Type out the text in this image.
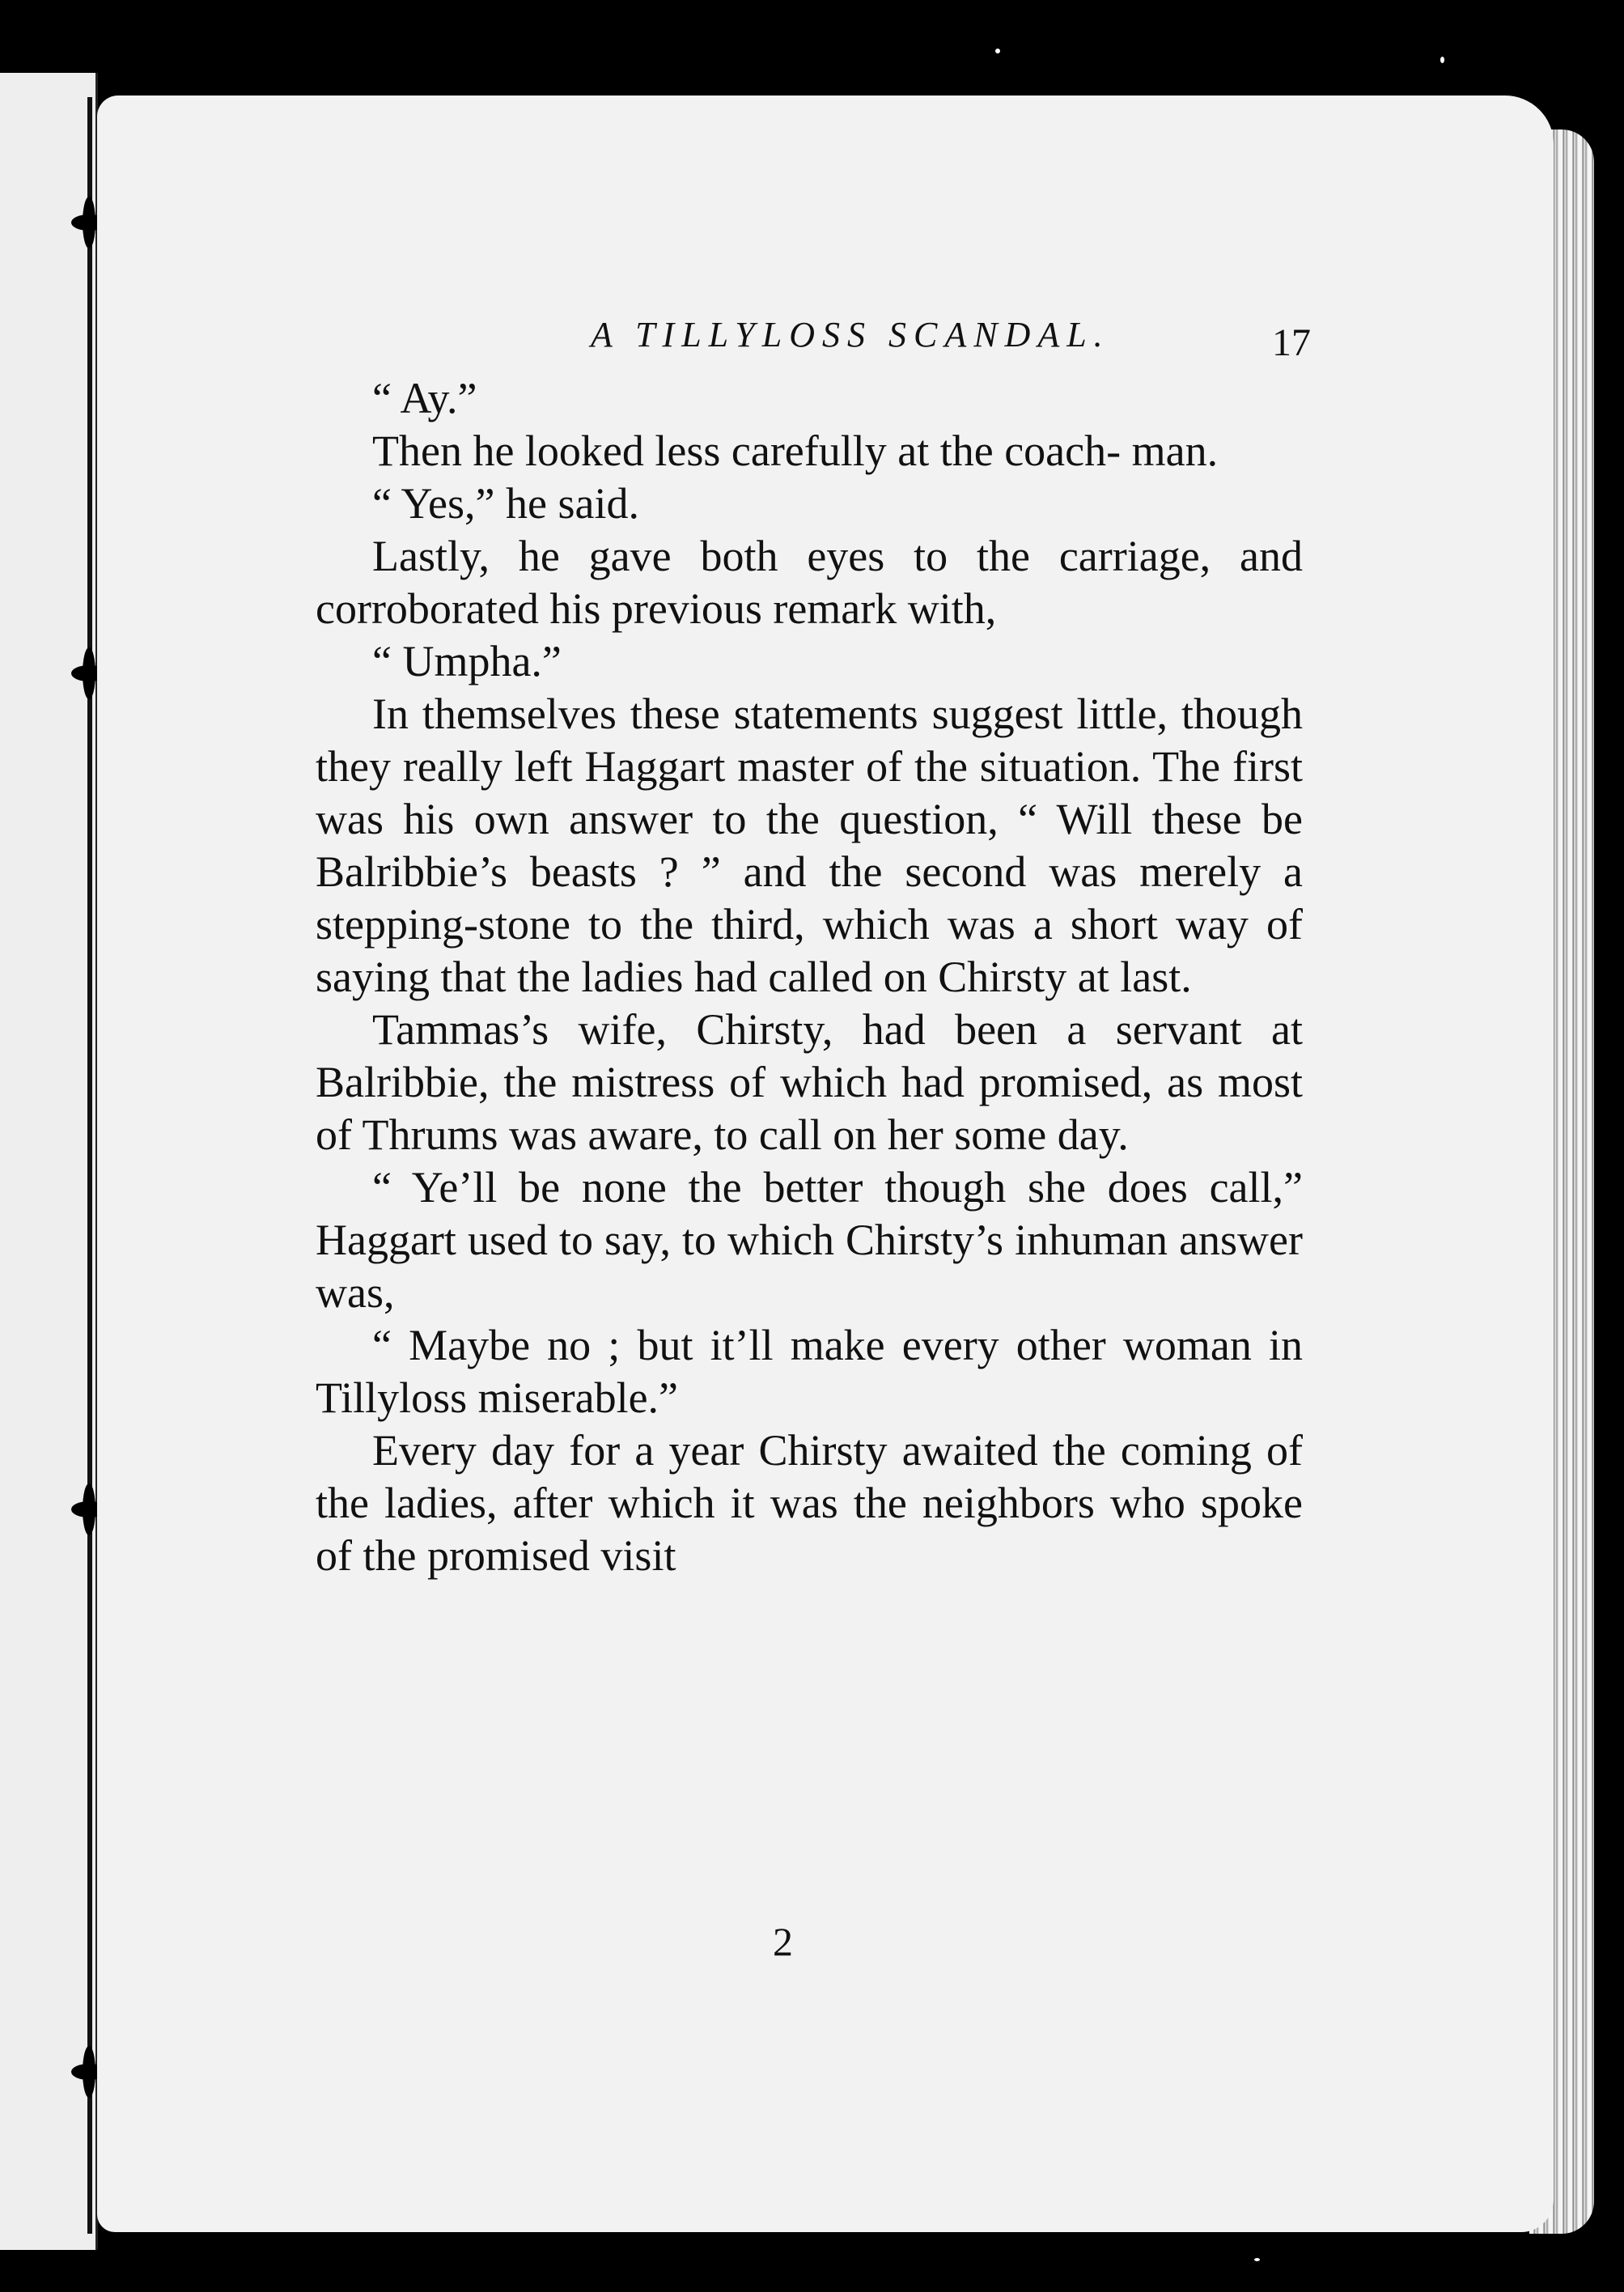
A TILLYLOSS SCANDAL.	17

“ Ay.”

Then he looked less carefully at the coach- man.

“ Yes,” he said.

Lastly, he gave both eyes to the carriage, and corroborated his previous remark with,

“ Umpha.”

In themselves these statements suggest little, though they really left Haggart master of the situation. The first was his own answer to the question, “ Will these be Balribbie’s beasts ? ” and the second was merely a stepping-stone to the third, which was a short way of saying that the ladies had called on Chirsty at last.

Tammas’s wife, Chirsty, had been a servant at Balribbie, the mistress of which had promised, as most of Thrums was aware, to call on her some day.

“ Ye’ll be none the better though she does call,” Haggart used to say, to which Chirsty’s inhuman answer was,

“ Maybe no ; but it’ll make every other woman in Tillyloss miserable.”

Every day for a year Chirsty awaited the coming of the ladies, after which it was the neighbors who spoke of the promised visit

2
